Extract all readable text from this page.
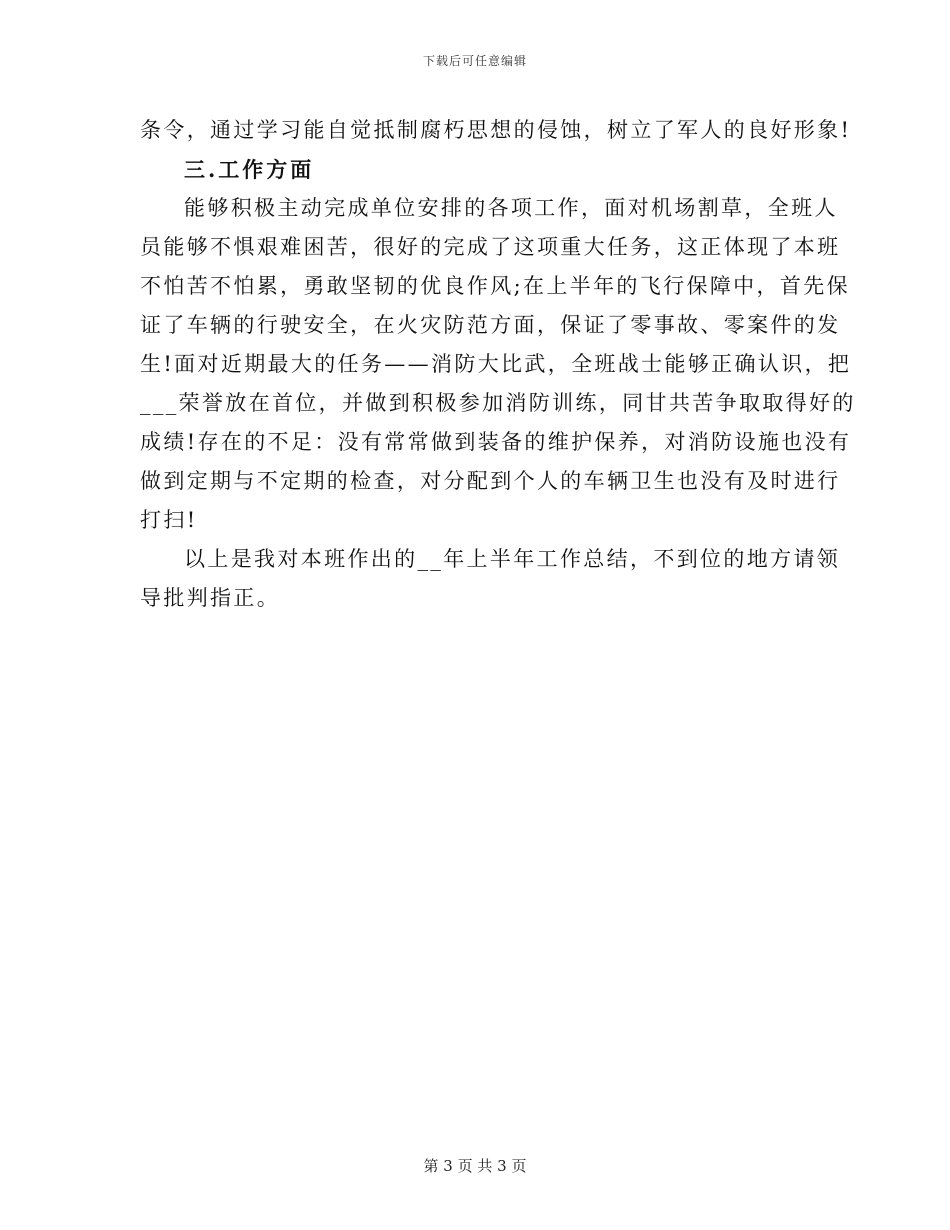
下载后可任意编辑
条令，通过学习能自觉抵制腐朽思想的侵蚀，树立了军人的良好形象!
三.工作方面
能够积极主动完成单位安排的各项工作，面对机场割草，全班人
员能够不惧艰难困苦，很好的完成了这项重大任务，这正体现了本班
不怕苦不怕累，勇敢坚韧的优良作风;在上半年的飞行保障中，首先保
证了车辆的行驶安全，在火灾防范方面，保证了零事故、零案件的发
生!面对近期最大的任务——消防大比武，全班战士能够正确认识，把
___荣誉放在首位，并做到积极参加消防训练，同甘共苦争取取得好的
成绩!存在的不足：没有常常做到装备的维护保养，对消防设施也没有
做到定期与不定期的检查，对分配到个人的车辆卫生也没有及时进行
打扫!
以上是我对本班作出的__年上半年工作总结，不到位的地方请领
导批判指正。
第 3 页 共 3 页
